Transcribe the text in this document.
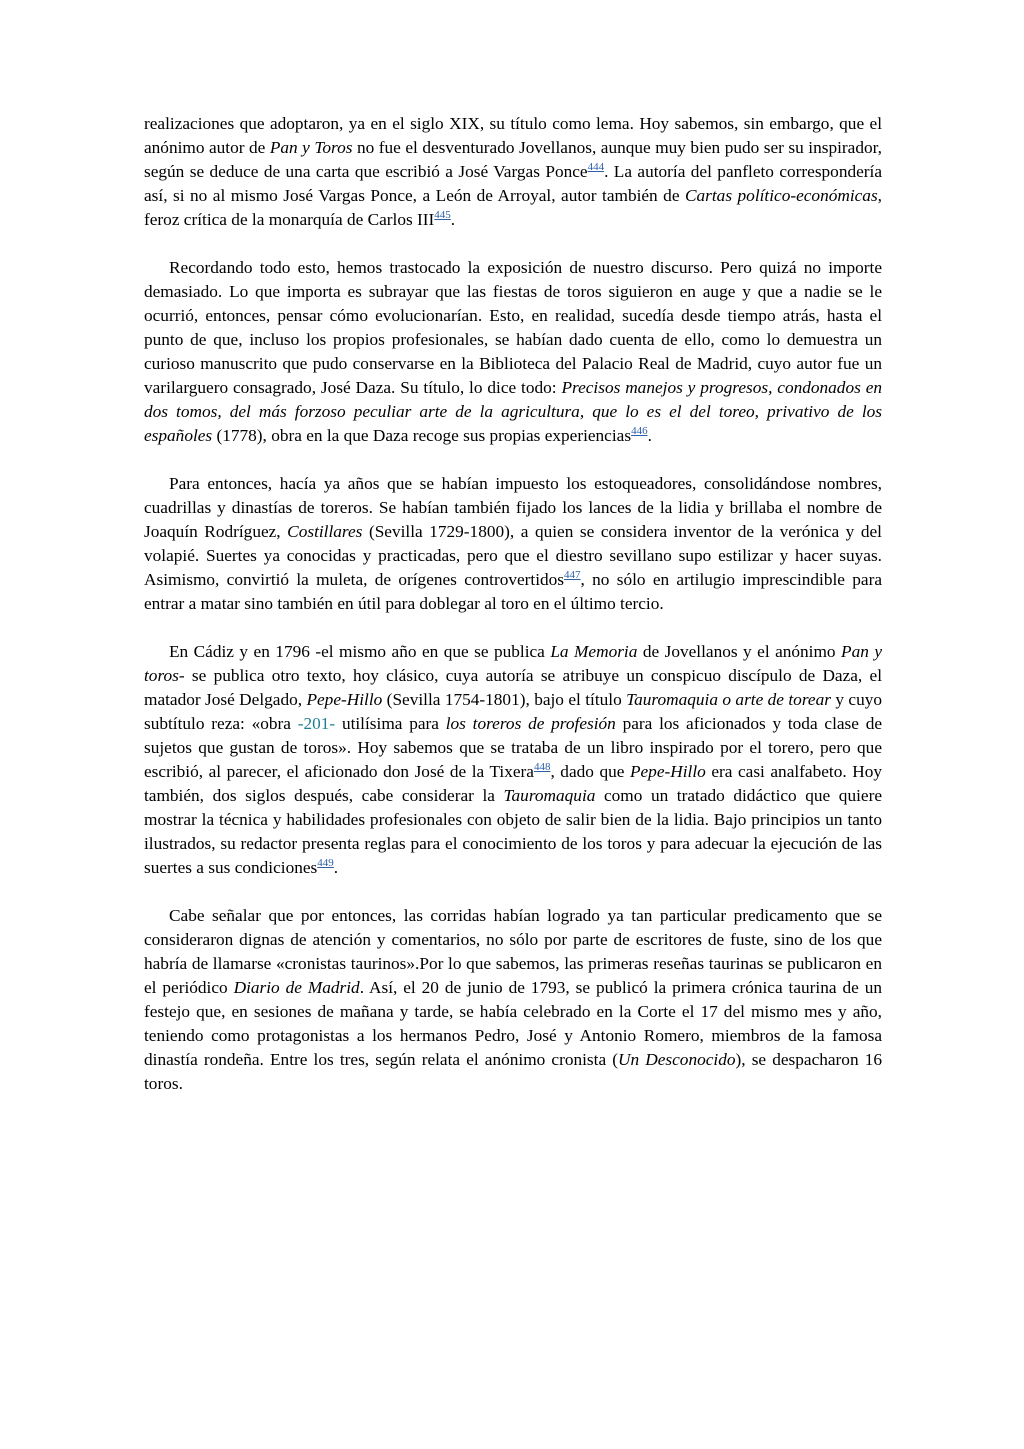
realizaciones que adoptaron, ya en el siglo XIX, su título como lema. Hoy sabemos, sin embargo, que el anónimo autor de Pan y Toros no fue el desventurado Jovellanos, aunque muy bien pudo ser su inspirador, según se deduce de una carta que escribió a José Vargas Ponce$^{444}$. La autoría del panfleto correspondería así, si no al mismo José Vargas Ponce, a León de Arroyal, autor también de Cartas político-económicas, feroz crítica de la monarquía de Carlos III$^{445}$.

Recordando todo esto, hemos trastocado la exposición de nuestro discurso. Pero quizá no importe demasiado. Lo que importa es subrayar que las fiestas de toros siguieron en auge y que a nadie se le ocurrió, entonces, pensar cómo evolucionarían. Esto, en realidad, sucedía desde tiempo atrás, hasta el punto de que, incluso los propios profesionales, se habían dado cuenta de ello, como lo demuestra un curioso manuscrito que pudo conservarse en la Biblioteca del Palacio Real de Madrid, cuyo autor fue un varilarguero consagrado, José Daza. Su título, lo dice todo: Precisos manejos y progresos, condonados en dos tomos, del más forzoso peculiar arte de la agricultura, que lo es el del toreo, privativo de los españoles (1778), obra en la que Daza recoge sus propias experiencias$^{446}$.

Para entonces, hacía ya años que se habían impuesto los estoqueadores, consolidándose nombres, cuadrillas y dinastías de toreros. Se habían también fijado los lances de la lidia y brillaba el nombre de Joaquín Rodríguez, Costillares (Sevilla 1729-1800), a quien se considera inventor de la verónica y del volapié. Suertes ya conocidas y practicadas, pero que el diestro sevillano supo estilizar y hacer suyas. Asimismo, convirtió la muleta, de orígenes controvertidos$^{447}$, no sólo en artilugio imprescindible para entrar a matar sino también en útil para doblegar al toro en el último tercio.

En Cádiz y en 1796 -el mismo año en que se publica La Memoria de Jovellanos y el anónimo Pan y toros- se publica otro texto, hoy clásico, cuya autoría se atribuye un conspicuo discípulo de Daza, el matador José Delgado, Pepe-Hillo (Sevilla 1754-1801), bajo el título Tauromaquia o arte de torear y cuyo subtítulo reza: «obra -201- utilísima para los toreros de profesión para los aficionados y toda clase de sujetos que gustan de toros». Hoy sabemos que se trataba de un libro inspirado por el torero, pero que escribió, al parecer, el aficionado don José de la Tixera$^{448}$, dado que Pepe-Hillo era casi analfabeto. Hoy también, dos siglos después, cabe considerar la Tauromaquia como un tratado didáctico que quiere mostrar la técnica y habilidades profesionales con objeto de salir bien de la lidia. Bajo principios un tanto ilustrados, su redactor presenta reglas para el conocimiento de los toros y para adecuar la ejecución de las suertes a sus condiciones$^{449}$.

Cabe señalar que por entonces, las corridas habían logrado ya tan particular predicamento que se consideraron dignas de atención y comentarios, no sólo por parte de escritores de fuste, sino de los que habría de llamarse «cronistas taurinos».Por lo que sabemos, las primeras reseñas taurinas se publicaron en el periódico Diario de Madrid. Así, el 20 de junio de 1793, se publicó la primera crónica taurina de un festejo que, en sesiones de mañana y tarde, se había celebrado en la Corte el 17 del mismo mes y año, teniendo como protagonistas a los hermanos Pedro, José y Antonio Romero, miembros de la famosa dinastía rondeña. Entre los tres, según relata el anónimo cronista (Un Desconocido), se despacharon 16 toros.
